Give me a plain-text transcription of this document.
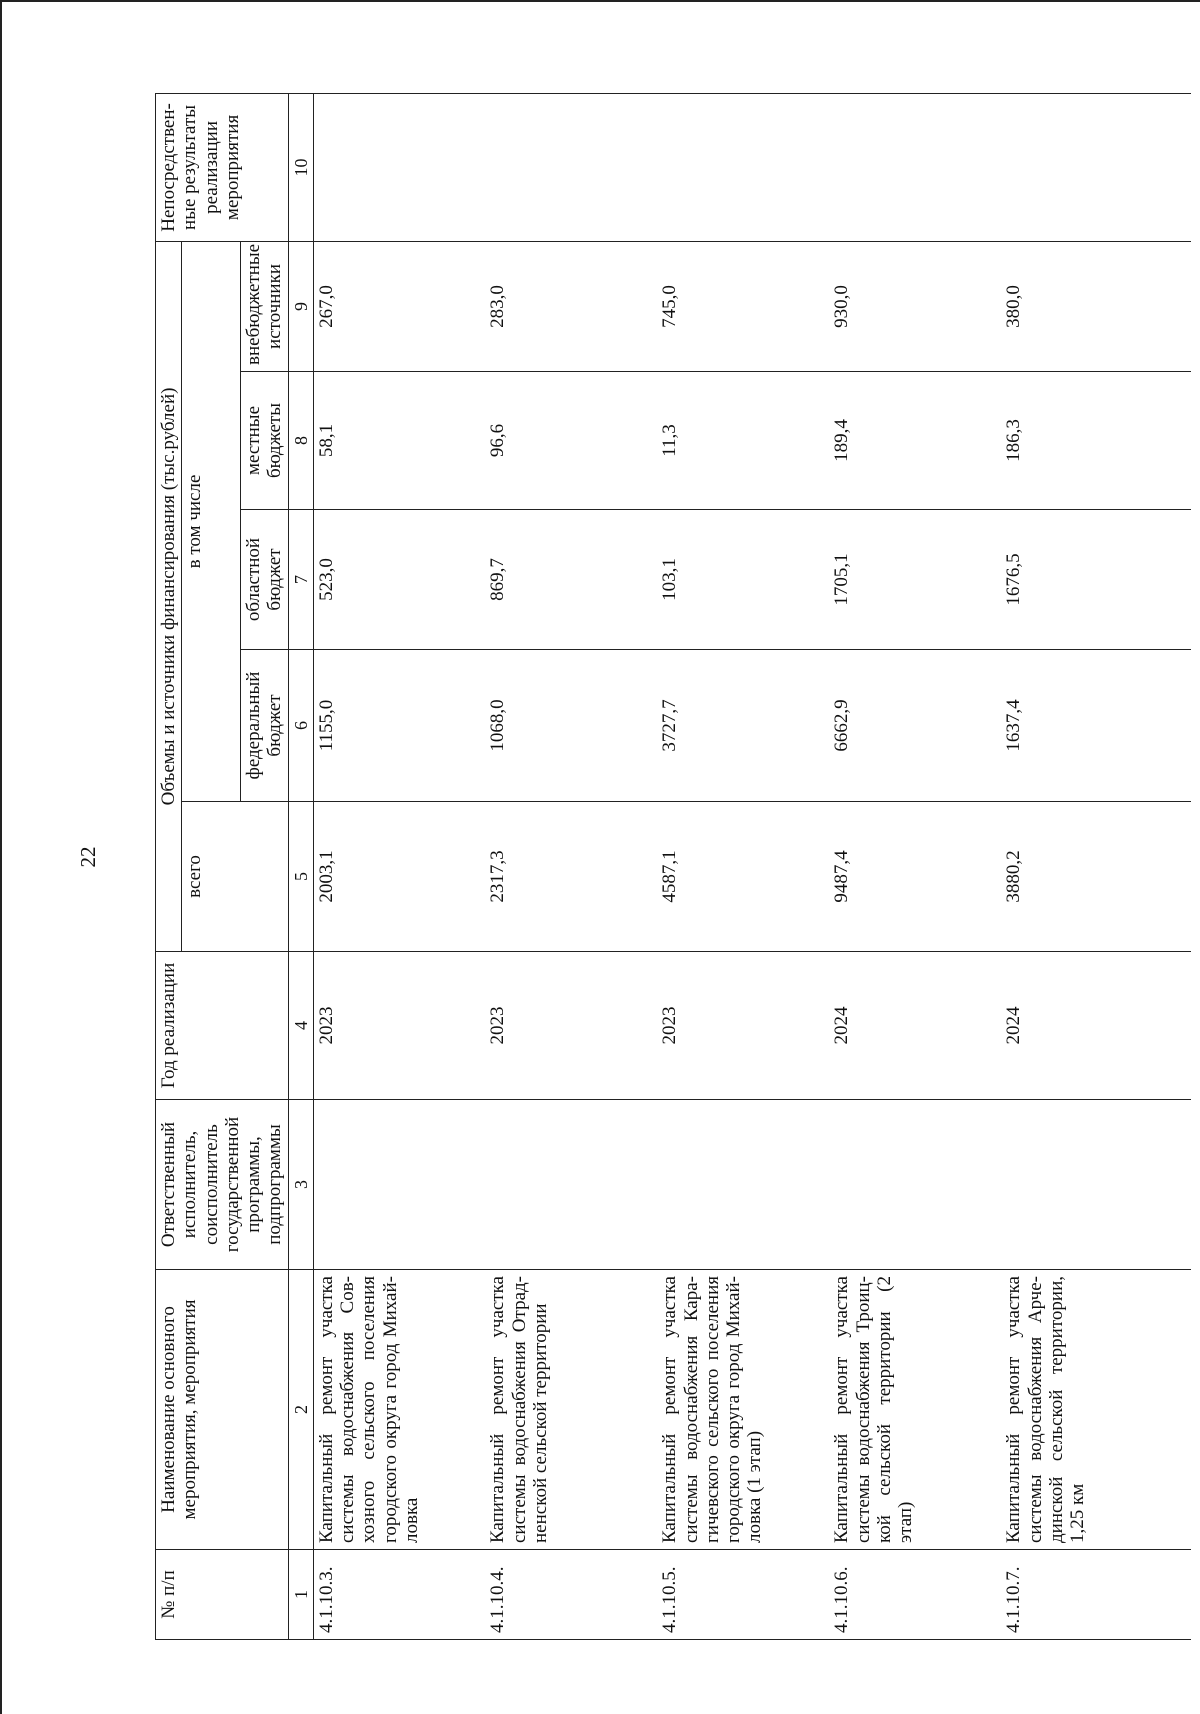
22
№ п/п	Наименование основного мероприятия, мероприятия	Ответственный исполнитель, соисполнитель государственной программы, подпрограммы	Год реализации	Объемы и источники финансирования (тыс.рублей)					Непосредствен-ные результаты реализации мероприятия
				всего	в том числе				
					федеральный бюджет	областной бюджет	местные бюджеты	внебюджетные источники	
1	2	3	4	5	6	7	8	9	10
4.1.10.3.	Капитальный ремонт участка системы водоснабжения Сов-хозного сельского поселения городского округа город Михай-ловка		2023	2003,1	1155,0	523,0	58,1	267,0	
4.1.10.4.	Капитальный ремонт участка системы водоснабжения Отрад-ненской сельской территории		2023	2317,3	1068,0	869,7	96,6	283,0	
4.1.10.5.	Капитальный ремонт участка системы водоснабжения Кара-гичевского сельского поселения городского округа город Михай-ловка (1 этап)		2023	4587,1	3727,7	103,1	11,3	745,0	
4.1.10.6.	Капитальный ремонт участка системы водоснабжения Троиц-кой сельской территории (2 этап)		2024	9487,4	6662,9	1705,1	189,4	930,0	
4.1.10.7.	Капитальный ремонт участка системы водоснабжения Арче-динской сельской территории, 1,25 км		2024	3880,2	1637,4	1676,5	186,3	380,0	
